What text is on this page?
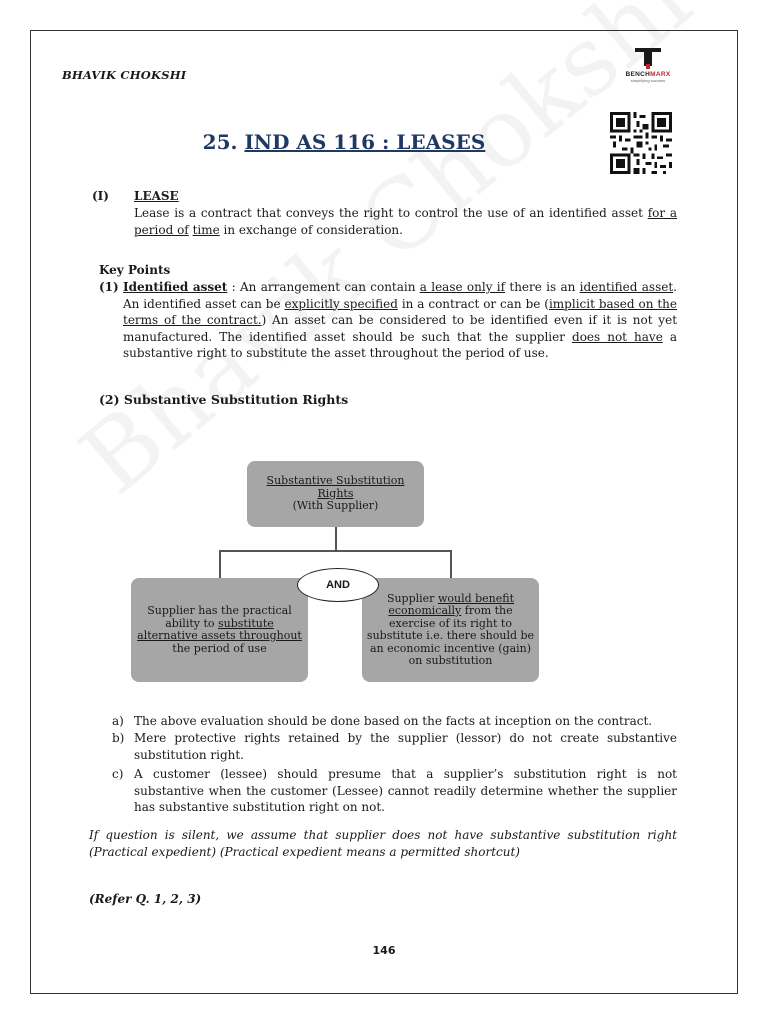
BHAVIK CHOKSHI	BENCHMARX
simplifying success
25. IND AS 116 : LEASES
(I) LEASE
Lease is a contract that conveys the right to control the use of an identified asset for a period of time in exchange of consideration.
Key Points
(1) Identified asset : An arrangement can contain a lease only if there is an identified asset. An identified asset can be explicitly specified in a contract or can be (implicit based on the terms of the contract.) An asset can be considered to be identified even if it is not yet manufactured. The identified asset should be such that the supplier does not have a substantive right to substitute the asset throughout the period of use.
(2) Substantive Substitution Rights
Substantive Substitution
Rights
(With Supplier)
Supplier has the practical ability to substitute alternative assets throughout the period of use
Supplier would benefit economically from the exercise of its right to substitute i.e. there should be an economic incentive (gain) on substitution
AND
a) The above evaluation should be done based on the facts at inception on the contract.
b) Mere protective rights retained by the supplier (lessor) do not create substantive substitution right.
c) A customer (lessee) should presume that a supplier’s substitution right is not substantive when the customer (Lessee) cannot readily determine whether the supplier has substantive substitution right on not.
If question is silent, we assume that supplier does not have substantive substitution right (Practical expedient) (Practical expedient means a permitted shortcut)
(Refer Q. 1, 2, 3)
146
